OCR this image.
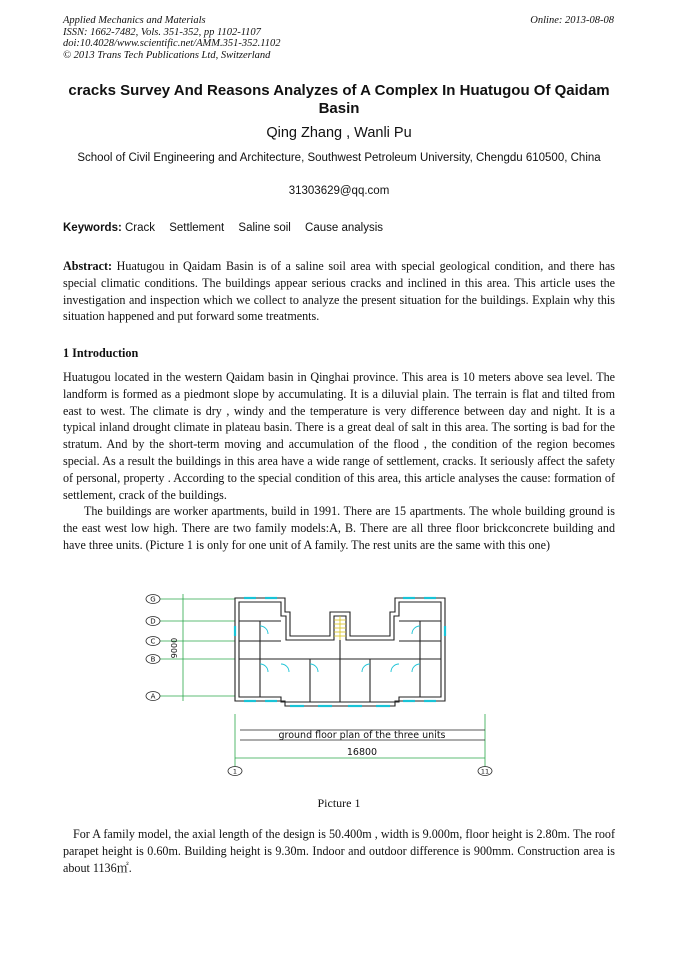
Applied Mechanics and Materials
ISSN: 1662-7482, Vols. 351-352, pp 1102-1107
doi:10.4028/www.scientific.net/AMM.351-352.1102
© 2013 Trans Tech Publications Ltd, Switzerland
Online: 2013-08-08
cracks Survey And Reasons Analyzes of A Complex In Huatugou Of Qaidam Basin
Qing Zhang , Wanli Pu
School of Civil Engineering and Architecture, Southwest Petroleum University, Chengdu 610500, China
31303629@qq.com
Keywords: Crack Settlement Saline soil Cause analysis
Abstract: Huatugou in Qaidam Basin is of a saline soil area with special geological condition, and there has special climatic conditions. The buildings appear serious cracks and inclined in this area. This article uses the investigation and inspection which we collect to analyze the present situation for the buildings. Explain why this situation happened and put forward some treatments.
1 Introduction

Huatugou located in the western Qaidam basin in Qinghai province. This area is 10 meters above sea level. The landform is formed as a piedmont slope by accumulating. It is a diluvial plain. The terrain is flat and tilted from east to west. The climate is dry , windy and the temperature is very difference between day and night. It is a typical inland drought climate in plateau basin. There is a great deal of salt in this area. The sorting is bad for the stratum. And by the short-term moving and accumulation of the flood , the condition of the region becomes special. As a result the buildings in this area have a wide range of settlement, cracks. It seriously affect the safety of personal, property . According to the special condition of this area, this article analyses the cause: formation of settlement, crack of the buildings.

The buildings are worker apartments, build in 1991. There are 15 apartments. The whole building ground is the east west low high. There are two family models:A, B. There are all three floor brickconcrete building and have three units. (Picture 1 is only for one unit of A family. The rest units are the same with this one)

G
D
C
B
A
9000
ground floor plan of the three units
16800
1	11
Picture 1

For A family model, the axial length of the design is 50.400m , width is 9.000m, floor height is 2.80m. The roof parapet height is 0.60m. Building height is 9.30m. Indoor and outdoor difference is 900mm. Construction area is about 1136㎡.
